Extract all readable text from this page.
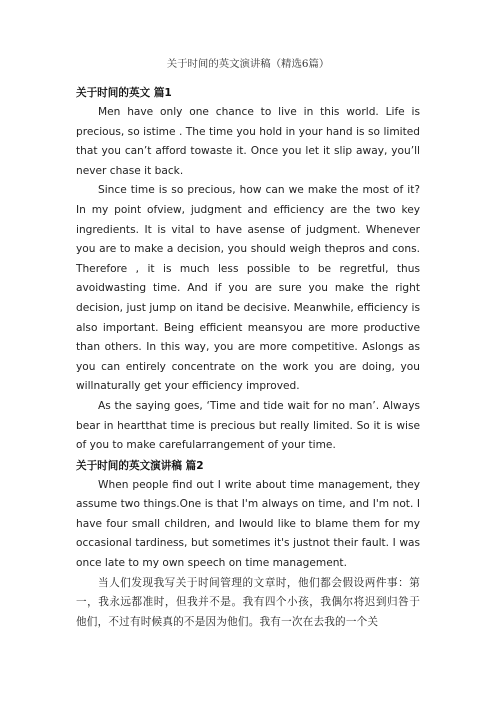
关于时间的英文演讲稿（精选6篇）
关于时间的英文 篇1

Men have only one chance to live in this world. Life is precious, so istime . The time you hold in your hand is so limited that you can’t afford towaste it. Once you let it slip away, you’ll never chase it back.

Since time is so precious, how can we make the most of it?In my point ofview, judgment and efficiency are the two key ingredients. It is vital to have asense of judgment. Whenever you are to make a decision, you should weigh thepros and cons. Therefore , it is much less possible to be regretful, thus avoidwasting time. And if you are sure you make the right decision, just jump on itand be decisive. Meanwhile, efficiency is also important. Being efficient meansyou are more productive than others. In this way, you are more competitive. Aslongs as you can entirely concentrate on the work you are doing, you willnaturally get your efficiency improved.

As the saying goes, ‘Time and tide wait for no man’. Always bear in heartthat time is precious but really limited. So it is wise of you to make carefularrangement of your time.

关于时间的英文演讲稿 篇2

When people find out I write about time management, they assume two things.One is that I'm always on time, and I'm not. I have four small children, and Iwould like to blame them for my occasional tardiness, but sometimes it's justnot their fault. I was once late to my own speech on time management.

当人们发现我写关于时间管理的文章时，他们都会假设两件事：第一，我永远都准时，但我并不是。我有四个小孩，我偶尔将迟到归咎于他们，不过有时候真的不是因为他们。我有一次在去我的一个关
